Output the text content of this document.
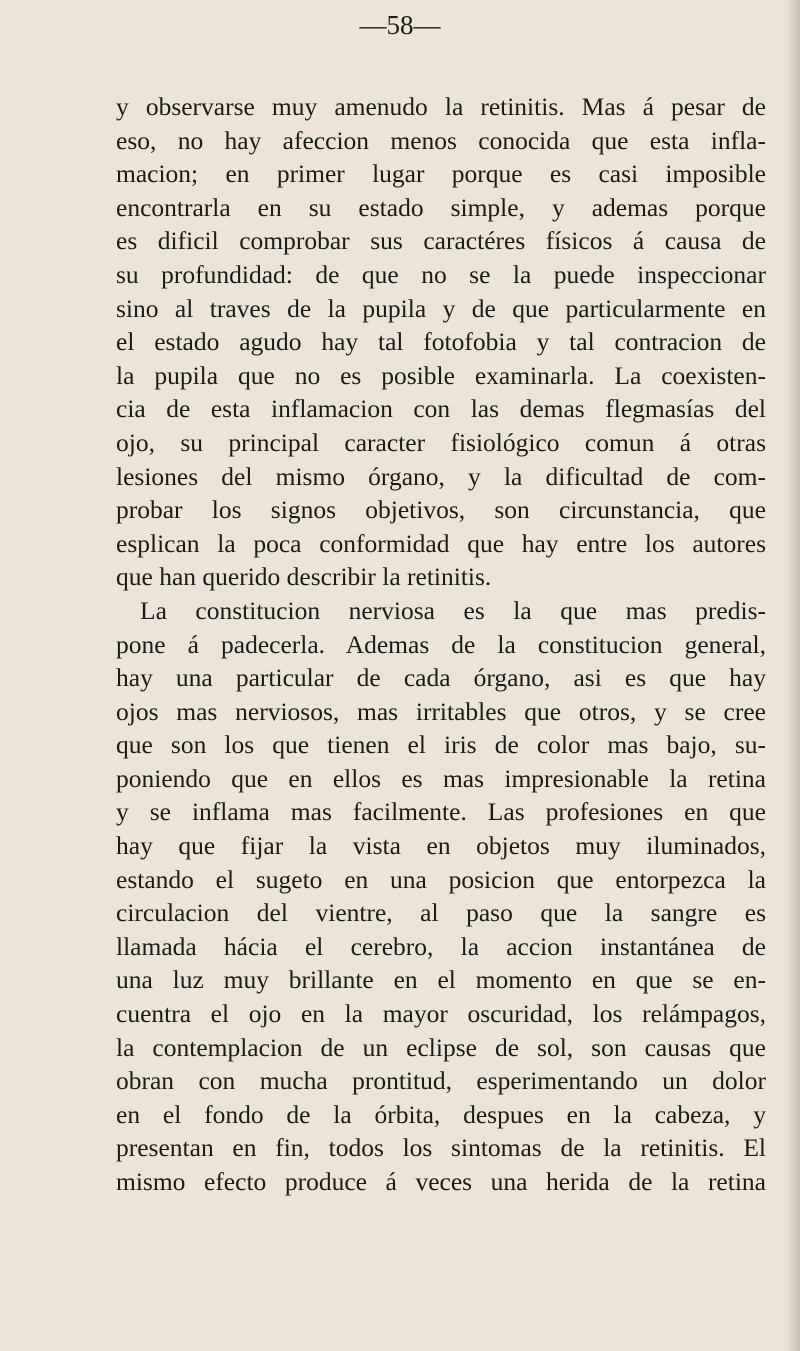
—58—
y observarse muy amenudo la retinitis. Mas á pesar de
eso, no hay afeccion menos conocida que esta infla-
macion; en primer lugar porque es casi imposible
encontrarla en su estado simple, y ademas porque
es dificil comprobar sus caractéres físicos á causa de
su profundidad: de que no se la puede inspeccionar
sino al traves de la pupila y de que particularmente en
el estado agudo hay tal fotofobia y tal contracion de
la pupila que no es posible examinarla. La coexisten-
cia de esta inflamacion con las demas flegmasías del
ojo, su principal caracter fisiológico comun á otras
lesiones del mismo órgano, y la dificultad de com-
probar los signos objetivos, son circunstancia, que
esplican la poca conformidad que hay entre los autores
que han querido describir la retinitis.
La constitucion nerviosa es la que mas predis-
pone á padecerla. Ademas de la constitucion general,
hay una particular de cada órgano, asi es que hay
ojos mas nerviosos, mas irritables que otros, y se cree
que son los que tienen el iris de color mas bajo, su-
poniendo que en ellos es mas impresionable la retina
y se inflama mas facilmente. Las profesiones en que
hay que fijar la vista en objetos muy iluminados,
estando el sugeto en una posicion que entorpezca la
circulacion del vientre, al paso que la sangre es
llamada hácia el cerebro, la accion instantánea de
una luz muy brillante en el momento en que se en-
cuentra el ojo en la mayor oscuridad, los relámpagos,
la contemplacion de un eclipse de sol, son causas que
obran con mucha prontitud, esperimentando un dolor
en el fondo de la órbita, despues en la cabeza, y
presentan en fin, todos los sintomas de la retinitis. El
mismo efecto produce á veces una herida de la retina
